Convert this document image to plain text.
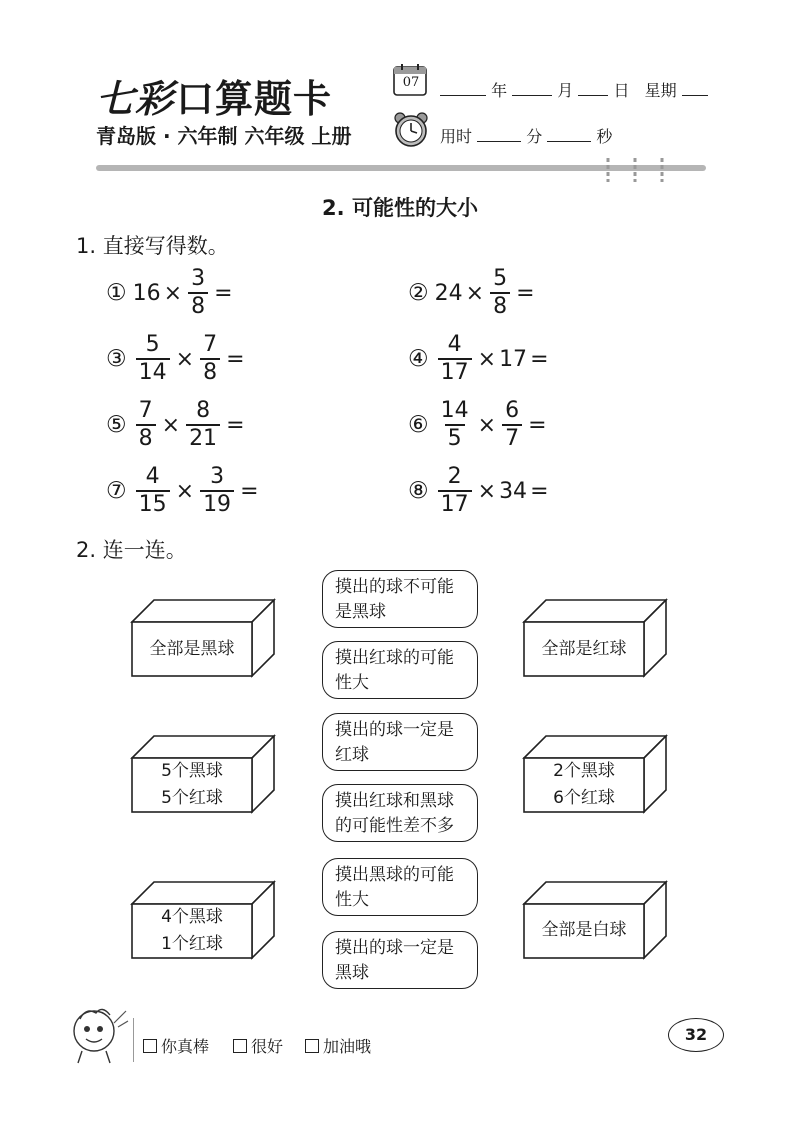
七彩口算题卡
青岛版 · 六年制 六年级 上册
07	年	月	日 星期
用时	分	秒
2. 可能性的大小
1. 直接写得数。
① $16 \times \frac{3}{8}$ =	② $24 \times \frac{5}{8}$ =
③ $\frac{5}{14} \times \frac{7}{8}$ =	④ $\frac{4}{17} \times 17$ =
⑤ $\frac{7}{8} \times \frac{8}{21}$ =	⑥ $\frac{14}{5} \times \frac{6}{7}$ =
⑦ $\frac{4}{15} \times \frac{3}{19}$ =	⑧ $\frac{2}{17} \times 34$ =
2. 连一连。
全部是黑球
5个黑球
5个红球
4个黑球
1个红球
全部是红球
2个黑球
6个红球
全部是白球
摸出的球不可能
是黑球
摸出红球的可能
性大
摸出的球一定是
红球
摸出红球和黑球
的可能性差不多
摸出黑球的可能
性大
摸出的球一定是
黑球
你真棒	很好 加油哦
32
